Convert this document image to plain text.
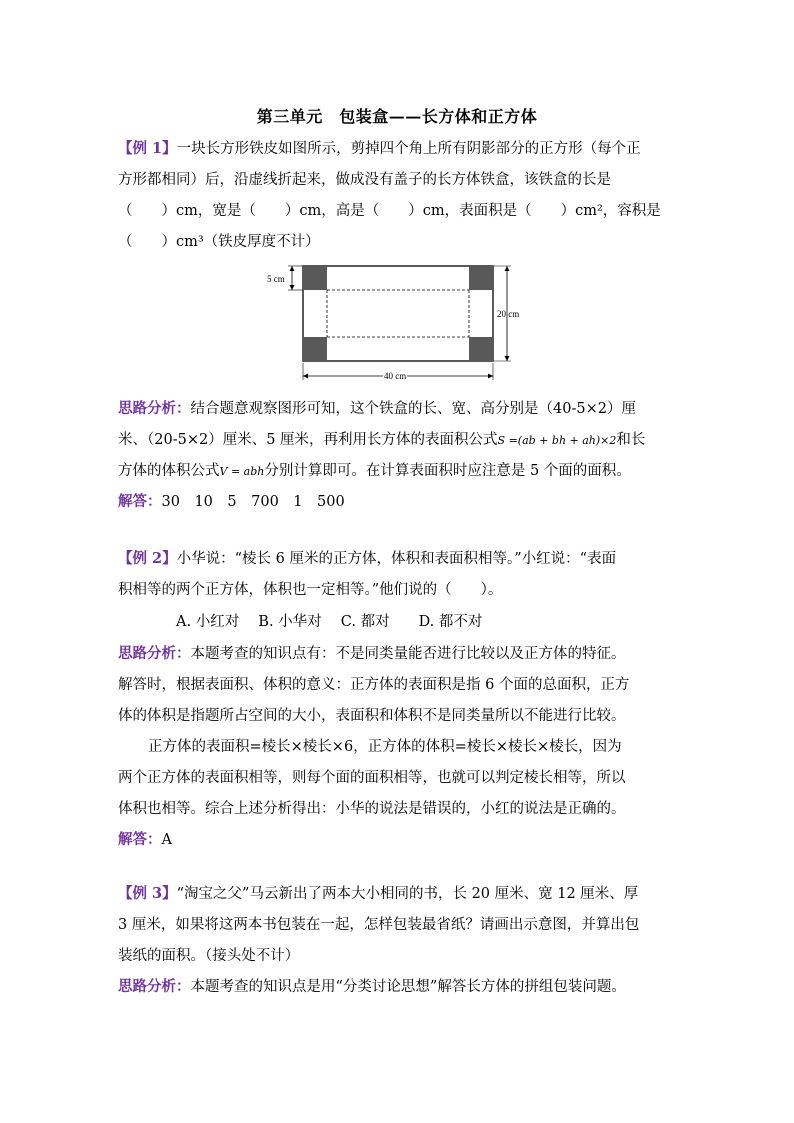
第三单元　包装盒——长方体和正方体
【例 1】一块长方形铁皮如图所示，剪掉四个角上所有阴影部分的正方形（每个正
方形都相同）后，沿虚线折起来，做成没有盖子的长方体铁盒，该铁盒的长是
（　　）cm，宽是（　　）cm，高是（　　）cm，表面积是（　　）cm²，容积是
（　　）cm³（铁皮厚度不计）
5 cm
20 cm
40 cm
思路分析：结合题意观察图形可知，这个铁盒的长、宽、高分别是（40-5×2）厘
米、（20-5×2）厘米、5 厘米，再利用长方体的表面积公式S =(ab + bh + ah)×2和长
方体的体积公式V = abh分别计算即可。在计算表面积时应注意是 5 个面的面积。
解答：30　10　5　700　1　500
【例 2】小华说：“棱长 6 厘米的正方体，体积和表面积相等。”小红说：“表面
积相等的两个正方体，体积也一定相等。”他们说的（　　）。
A. 小红对　 B. 小华对　 C. 都对　　D. 都不对
思路分析：本题考查的知识点有：不是同类量能否进行比较以及正方体的特征。
解答时，根据表面积、体积的意义：正方体的表面积是指 6 个面的总面积，正方
体的体积是指题所占空间的大小，表面积和体积不是同类量所以不能进行比较。
正方体的表面积=棱长×棱长×6，正方体的体积=棱长×棱长×棱长，因为
两个正方体的表面积相等，则每个面的面积相等，也就可以判定棱长相等，所以
体积也相等。综合上述分析得出：小华的说法是错误的，小红的说法是正确的。
解答：A
【例 3】“淘宝之父”马云新出了两本大小相同的书，长 20 厘米、宽 12 厘米、厚
3 厘米，如果将这两本书包装在一起，怎样包装最省纸？请画出示意图，并算出包
装纸的面积。（接头处不计）
思路分析：本题考查的知识点是用“分类讨论思想”解答长方体的拼组包装问题。
